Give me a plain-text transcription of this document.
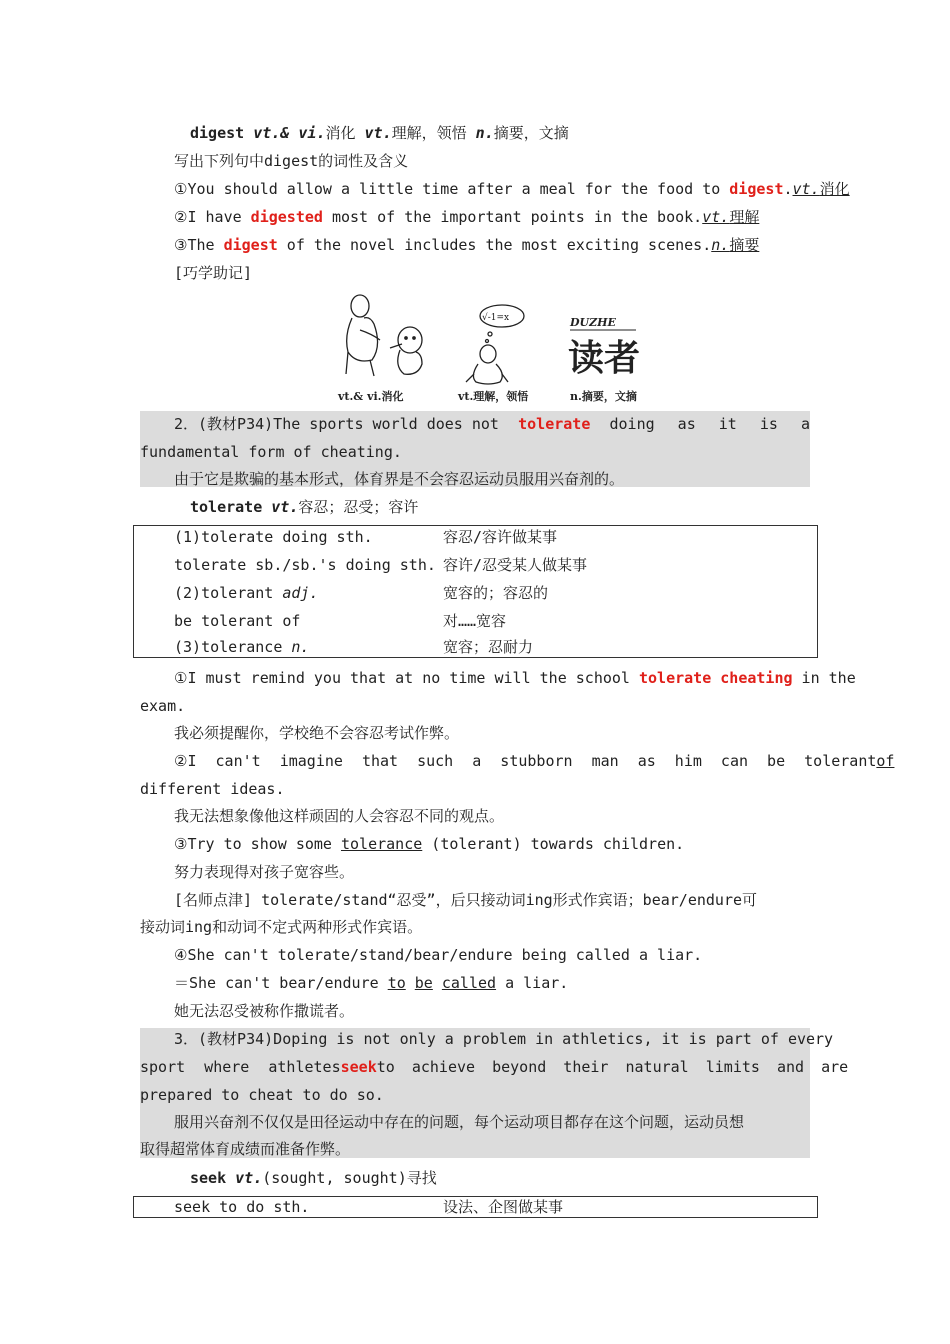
digest vt.& vi.消化 vt.理解，领悟 n.摘要，文摘
写出下列句中digest的词性及含义
①You should allow a little time after a meal for the food to digest.vt.消化
②I have digested most of the important points in the book.vt.理解
③The digest of the novel includes the most exciting scenes.n.摘要
[巧学助记]
vt.& vi.消化
√-1=x
vt.理解，领悟
DUZHE
读者
n.摘要，文摘
2．(教材P34)The sports world does not tolerate doing as it is a
fundamental form of cheating.
由于它是欺骗的基本形式，体育界是不会容忍运动员服用兴奋剂的。
tolerate vt.容忍；忍受；容许
(1)tolerate doing sth.	容忍/容许做某事
tolerate sb./sb.'s doing sth. 容许/忍受某人做某事
(2)tolerant adj.	宽容的；容忍的
be tolerant of	对……宽容
(3)tolerance n.	宽容；忍耐力
①I must remind you that at no time will the school tolerate cheating in the
exam.
我必须提醒你，学校绝不会容忍考试作弊。
②I can't imagine that such a stubborn man as him can be tolerant of
different ideas.
我无法想象像他这样顽固的人会容忍不同的观点。
③Try to show some tolerance (tolerant) towards children.
努力表现得对孩子宽容些。
[名师点津] tolerate/stand“忍受”，后只接动词ing形式作宾语；bear/endure可
接动词ing和动词不定式两种形式作宾语。
④She can't tolerate/stand/bear/endure being called a liar.
＝She can't bear/endure to be called a liar.
她无法忍受被称作撒谎者。
3．(教材P34)Doping is not only a problem in athletics, it is part of every
sport where athletes seek to achieve beyond their natural limits and are
prepared to cheat to do so.
服用兴奋剂不仅仅是田径运动中存在的问题，每个运动项目都存在这个问题，运动员想
取得超常体育成绩而准备作弊。
seek vt.(sought, sought)寻找
seek to do sth.	设法、企图做某事
